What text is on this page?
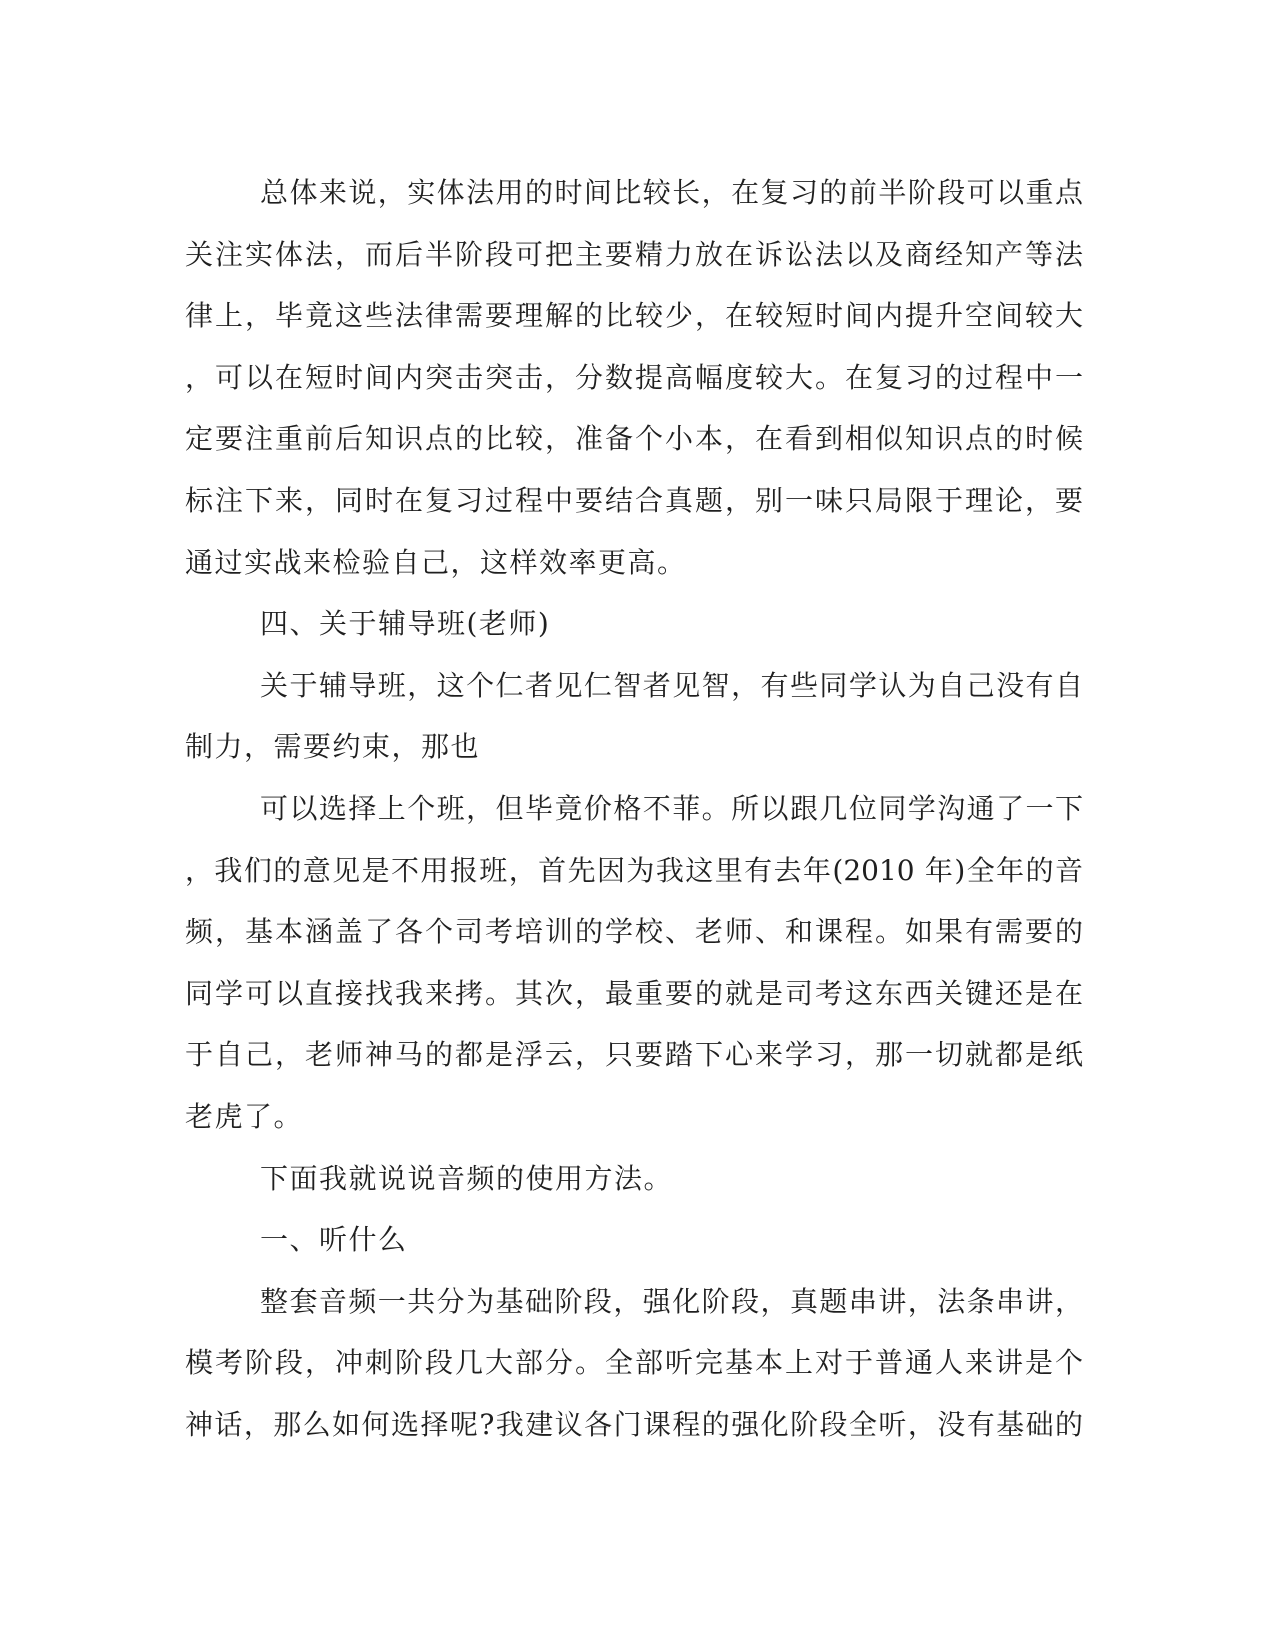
总体来说，实体法用的时间比较长，在复习的前半阶段可以重点
关注实体法，而后半阶段可把主要精力放在诉讼法以及商经知产等法
律上，毕竟这些法律需要理解的比较少，在较短时间内提升空间较大
，可以在短时间内突击突击，分数提高幅度较大。在复习的过程中一
定要注重前后知识点的比较，准备个小本，在看到相似知识点的时候
标注下来，同时在复习过程中要结合真题，别一味只局限于理论，要
通过实战来检验自己，这样效率更高。
四、关于辅导班(老师)
关于辅导班，这个仁者见仁智者见智，有些同学认为自己没有自
制力，需要约束，那也
可以选择上个班，但毕竟价格不菲。所以跟几位同学沟通了一下
，我们的意见是不用报班，首先因为我这里有去年(2010 年)全年的音
频，基本涵盖了各个司考培训的学校、老师、和课程。如果有需要的
同学可以直接找我来拷。其次，最重要的就是司考这东西关键还是在
于自己，老师神马的都是浮云，只要踏下心来学习，那一切就都是纸
老虎了。
下面我就说说音频的使用方法。
一、听什么
整套音频一共分为基础阶段，强化阶段，真题串讲，法条串讲，
模考阶段，冲刺阶段几大部分。全部听完基本上对于普通人来讲是个
神话，那么如何选择呢?我建议各门课程的强化阶段全听，没有基础的
